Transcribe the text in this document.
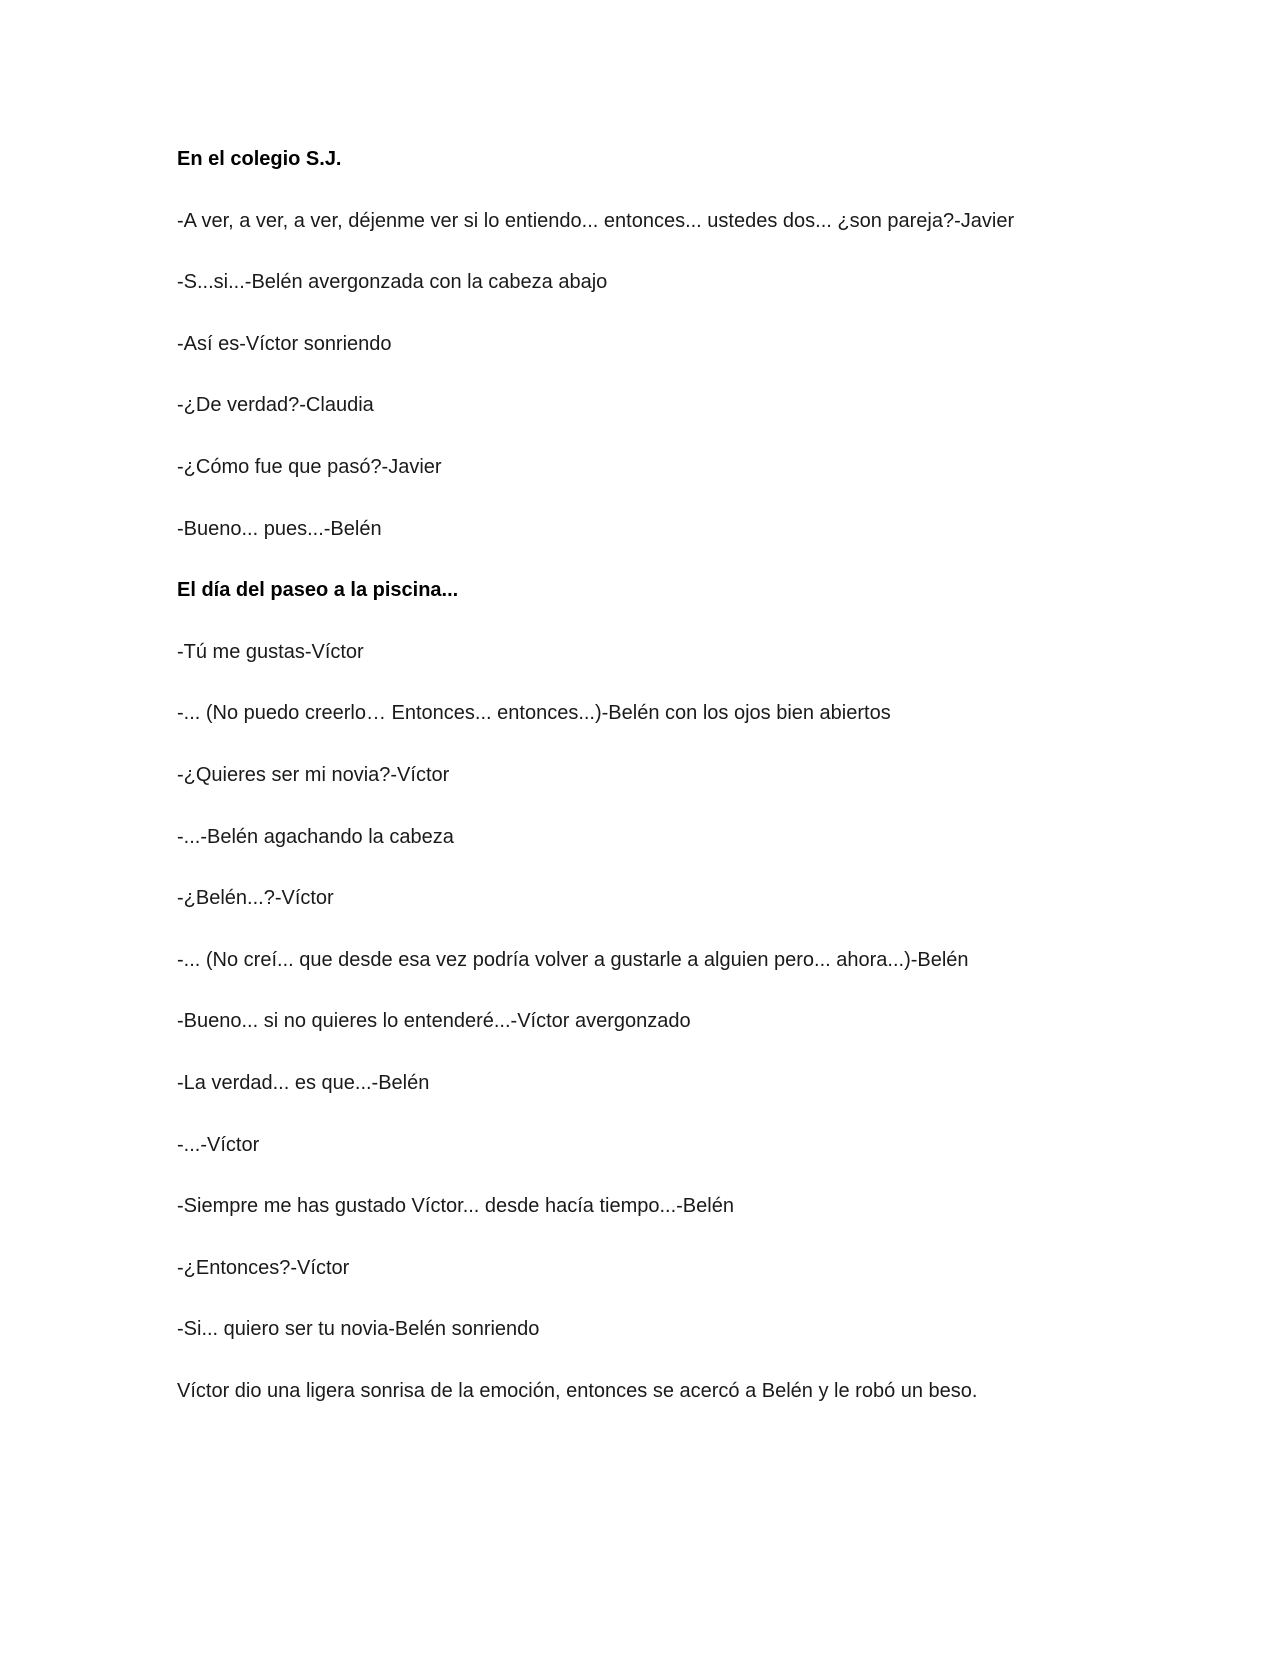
En el colegio S.J.
-A ver, a ver, a ver, déjenme ver si lo entiendo... entonces... ustedes dos... ¿son pareja?-Javier
-S...si...-Belén avergonzada con la cabeza abajo
-Así es-Víctor sonriendo
-¿De verdad?-Claudia
-¿Cómo fue que pasó?-Javier
-Bueno... pues...-Belén
El día del paseo a la piscina...
-Tú me gustas-Víctor
-... (No puedo creerlo… Entonces... entonces...)-Belén con los ojos bien abiertos
-¿Quieres ser mi novia?-Víctor
-...-Belén agachando la cabeza
-¿Belén...?-Víctor
-... (No creí... que desde esa vez podría volver a gustarle a alguien pero... ahora...)-Belén
-Bueno... si no quieres lo entenderé...-Víctor avergonzado
-La verdad... es que...-Belén
-...-Víctor
-Siempre me has gustado Víctor... desde hacía tiempo...-Belén
-¿Entonces?-Víctor
-Si... quiero ser tu novia-Belén sonriendo
Víctor dio una ligera sonrisa de la emoción, entonces se acercó a Belén y le robó un beso.
